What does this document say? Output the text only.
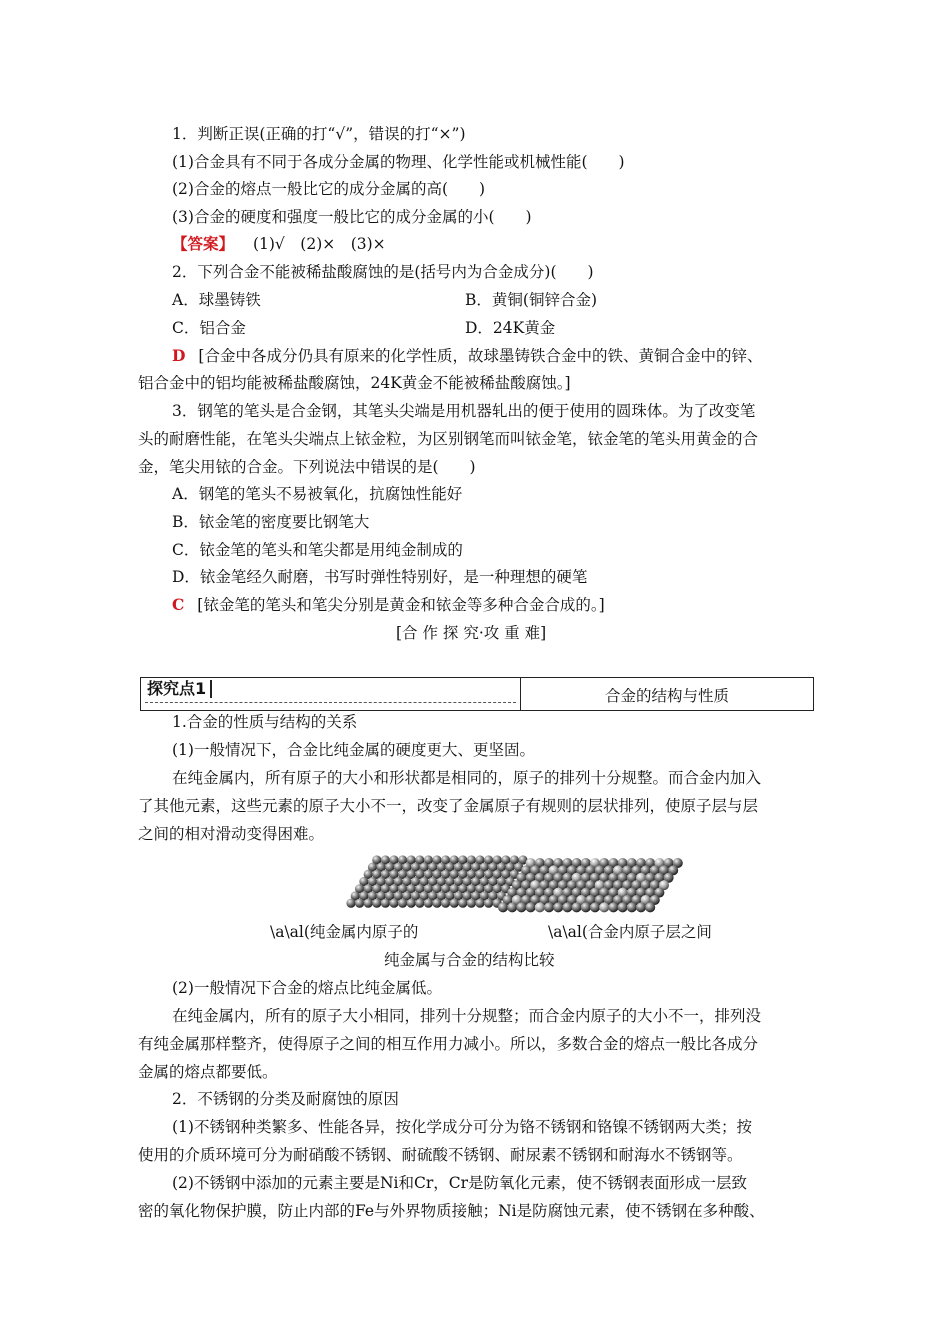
1．判断正误(正确的打“√”，错误的打“×”)
(1)合金具有不同于各成分金属的物理、化学性能或机械性能(　　)
(2)合金的熔点一般比它的成分金属的高(　　)
(3)合金的硬度和强度一般比它的成分金属的小(　　)
【答案】 (1)√　(2)×　(3)×
2．下列合金不能被稀盐酸腐蚀的是(括号内为合金成分)(　　)
A．球墨铸铁	B．黄铜(铜锌合金)
C．铝合金	D．24K黄金
D [合金中各成分仍具有原来的化学性质，故球墨铸铁合金中的铁、黄铜合金中的锌、
铝合金中的铝均能被稀盐酸腐蚀，24K黄金不能被稀盐酸腐蚀。]
3．钢笔的笔头是合金钢，其笔头尖端是用机器轧出的便于使用的圆珠体。为了改变笔
头的耐磨性能，在笔头尖端点上铱金粒，为区别钢笔而叫铱金笔，铱金笔的笔头用黄金的合
金，笔尖用铱的合金。下列说法中错误的是(　　)
A．钢笔的笔头不易被氧化，抗腐蚀性能好
B．铱金笔的密度要比钢笔大
C．铱金笔的笔头和笔尖都是用纯金制成的
D．铱金笔经久耐磨，书写时弹性特别好，是一种理想的硬笔
C [铱金笔的笔头和笔尖分别是黄金和铱金等多种合金合成的。]
[合 作 探 究·攻 重 难]
探究点1	合金的结构与性质
1.合金的性质与结构的关系
(1)一般情况下，合金比纯金属的硬度更大、更坚固。
在纯金属内，所有原子的大小和形状都是相同的，原子的排列十分规整。而合金内加入
了其他元素，这些元素的原子大小不一，改变了金属原子有规则的层状排列，使原子层与层
之间的相对滑动变得困难。
\a\al(纯金属内原子的	\a\al(合金内原子层之间
纯金属与合金的结构比较
(2)一般情况下合金的熔点比纯金属低。
在纯金属内，所有的原子大小相同，排列十分规整；而合金内原子的大小不一，排列没
有纯金属那样整齐，使得原子之间的相互作用力减小。所以，多数合金的熔点一般比各成分
金属的熔点都要低。
2．不锈钢的分类及耐腐蚀的原因
(1)不锈钢种类繁多、性能各异，按化学成分可分为铬不锈钢和铬镍不锈钢两大类；按
使用的介质环境可分为耐硝酸不锈钢、耐硫酸不锈钢、耐尿素不锈钢和耐海水不锈钢等。
(2)不锈钢中添加的元素主要是Ni和Cr，Cr是防氧化元素，使不锈钢表面形成一层致
密的氧化物保护膜，防止内部的Fe与外界物质接触；Ni是防腐蚀元素，使不锈钢在多种酸、
